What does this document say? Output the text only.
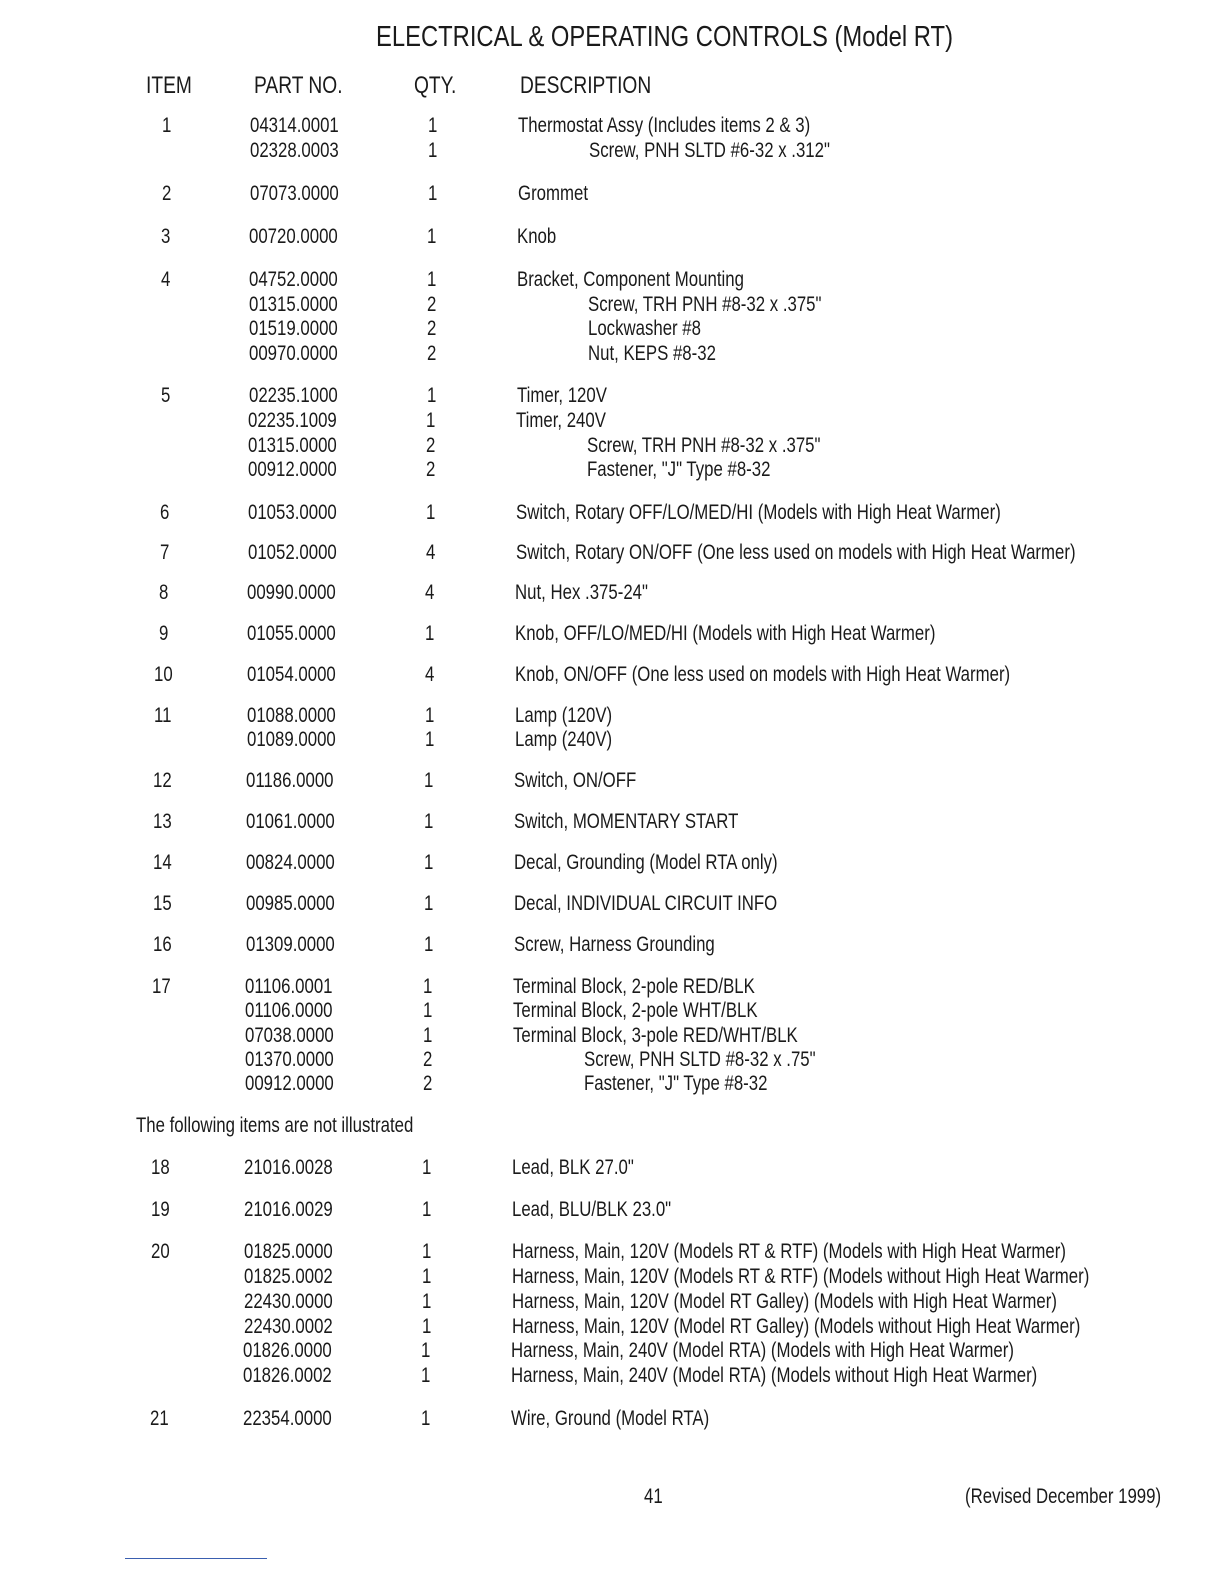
ELECTRICAL & OPERATING CONTROLS (Model RT)
ITEM	PART NO.	QTY.	DESCRIPTION
1	04314.0001	1	Thermostat Assy (Includes items 2 & 3)
02328.0003	1	Screw, PNH SLTD #6-32 x .312"
2	07073.0000	1	Grommet
3	00720.0000	1	Knob
4	04752.0000	1	Bracket, Component Mounting
01315.0000	2	Screw, TRH PNH #8-32 x .375"
01519.0000	2	Lockwasher #8
00970.0000	2	Nut, KEPS #8-32
5	02235.1000	1	Timer, 120V
02235.1009	1	Timer, 240V
01315.0000	2	Screw, TRH PNH #8-32 x .375"
00912.0000	2	Fastener, "J" Type #8-32
6	01053.0000	1	Switch, Rotary OFF/LO/MED/HI (Models with High Heat Warmer)
7	01052.0000	4	Switch, Rotary ON/OFF (One less used on models with High Heat Warmer)
8	00990.0000	4	Nut, Hex .375-24"
9	01055.0000	1	Knob, OFF/LO/MED/HI (Models with High Heat Warmer)
10	01054.0000	4	Knob, ON/OFF (One less used on models with High Heat Warmer)
11	01088.0000	1	Lamp (120V)
01089.0000	1	Lamp (240V)
12	01186.0000	1	Switch, ON/OFF
13	01061.0000	1	Switch, MOMENTARY START
14	00824.0000	1	Decal, Grounding (Model RTA only)
15	00985.0000	1	Decal, INDIVIDUAL CIRCUIT INFO
16	01309.0000	1	Screw, Harness Grounding
17	01106.0001	1	Terminal Block, 2-pole RED/BLK
01106.0000	1	Terminal Block, 2-pole WHT/BLK
07038.0000	1	Terminal Block, 3-pole RED/WHT/BLK
01370.0000	2	Screw, PNH SLTD #8-32 x .75"
00912.0000	2	Fastener, "J" Type #8-32
18	21016.0028	1	Lead, BLK 27.0"
19	21016.0029	1	Lead, BLU/BLK 23.0"
20	01825.0000	1	Harness, Main, 120V (Models RT & RTF) (Models with High Heat Warmer)
01825.0002	1	Harness, Main, 120V (Models RT & RTF) (Models without High Heat Warmer)
22430.0000	1	Harness, Main, 120V (Model RT Galley) (Models with High Heat Warmer)
22430.0002	1	Harness, Main, 120V (Model RT Galley) (Models without High Heat Warmer)
01826.0000	1	Harness, Main, 240V (Model RTA) (Models with High Heat Warmer)
01826.0002	1	Harness, Main, 240V (Model RTA) (Models without High Heat Warmer)
21	22354.0000	1	Wire, Ground (Model RTA)
The following items are not illustrated
41	(Revised December 1999)
